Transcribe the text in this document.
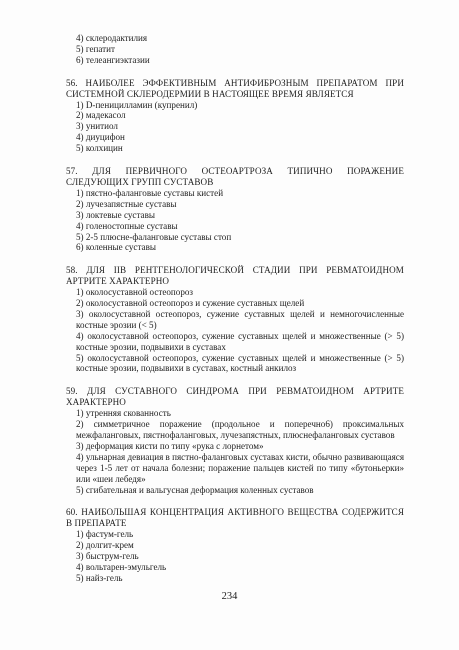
4) склеродактилия
5) гепатит
6) телеангиэктазии
56. НАИБОЛЕЕ ЭФФЕКТИВНЫМ АНТИФИБРОЗНЫМ ПРЕПАРАТОМ ПРИ СИСТЕМНОЙ СКЛЕРОДЕРМИИ В НАСТОЯЩЕЕ ВРЕМЯ ЯВЛЯЕТСЯ
1) D-пеницилламин (купренил)
2) мадекасол
3) унитиол
4) диуцифон
5) колхицин
57. ДЛЯ ПЕРВИЧНОГО ОСТЕОАРТРОЗА ТИПИЧНО ПОРАЖЕНИЕ СЛЕДУЮЩИХ ГРУПП СУСТАВОВ
1) пястно-фаланговые суставы кистей
2) лучезапястные суставы
3) локтевые суставы
4) голеностопные суставы
5) 2-5 плюсне-фаланговые суставы стоп
6) коленные суставы
58. ДЛЯ IIВ РЕНТГЕНОЛОГИЧЕСКОЙ СТАДИИ ПРИ РЕВМАТОИДНОМ АРТРИТЕ ХАРАКТЕРНО
1) околосуставной остеопороз
2) околосуставной остеопороз и сужение суставных щелей
3) околосуставной остеопороз, сужение суставных щелей и немногочисленные костные эрозии (< 5)
4) околосуставной остеопороз, сужение суставных щелей и множественные (> 5) костные эрозии, подвывихи в суставах
5) околосуставной остеопороз, сужение суставных щелей и множественные (> 5) костные эрозии, подвывихи в суставах, костный анкилоз
59. ДЛЯ СУСТАВНОГО СИНДРОМА ПРИ РЕВМАТОИДНОМ АРТРИТЕ ХАРАКТЕРНО
1) утренняя скованность
2) симметричное поражение (продольное и поперечно6) проксимальных межфаланговых, пястнофаланговых, лучезапястных, плюснефаланговых суставов
3) деформация кисти по типу «рука с лорнетом»
4) ульнарная девиация в пястно-фаланговых суставах кисти, обычно развивающаяся через 1-5 лет от начала болезни; поражение пальцев кистей по типу «бутоньерки» или «шеи лебедя»
5) сгибательная и вальгусная деформация коленных суставов
60. НАИБОЛЬШАЯ КОНЦЕНТРАЦИЯ АКТИВНОГО ВЕЩЕСТВА СОДЕРЖИТСЯ В ПРЕПАРАТЕ
1) фастум-гель
2) долгит-крем
3) быструм-гель
4) вольтарен-эмульгель
5) найз-гель
234
